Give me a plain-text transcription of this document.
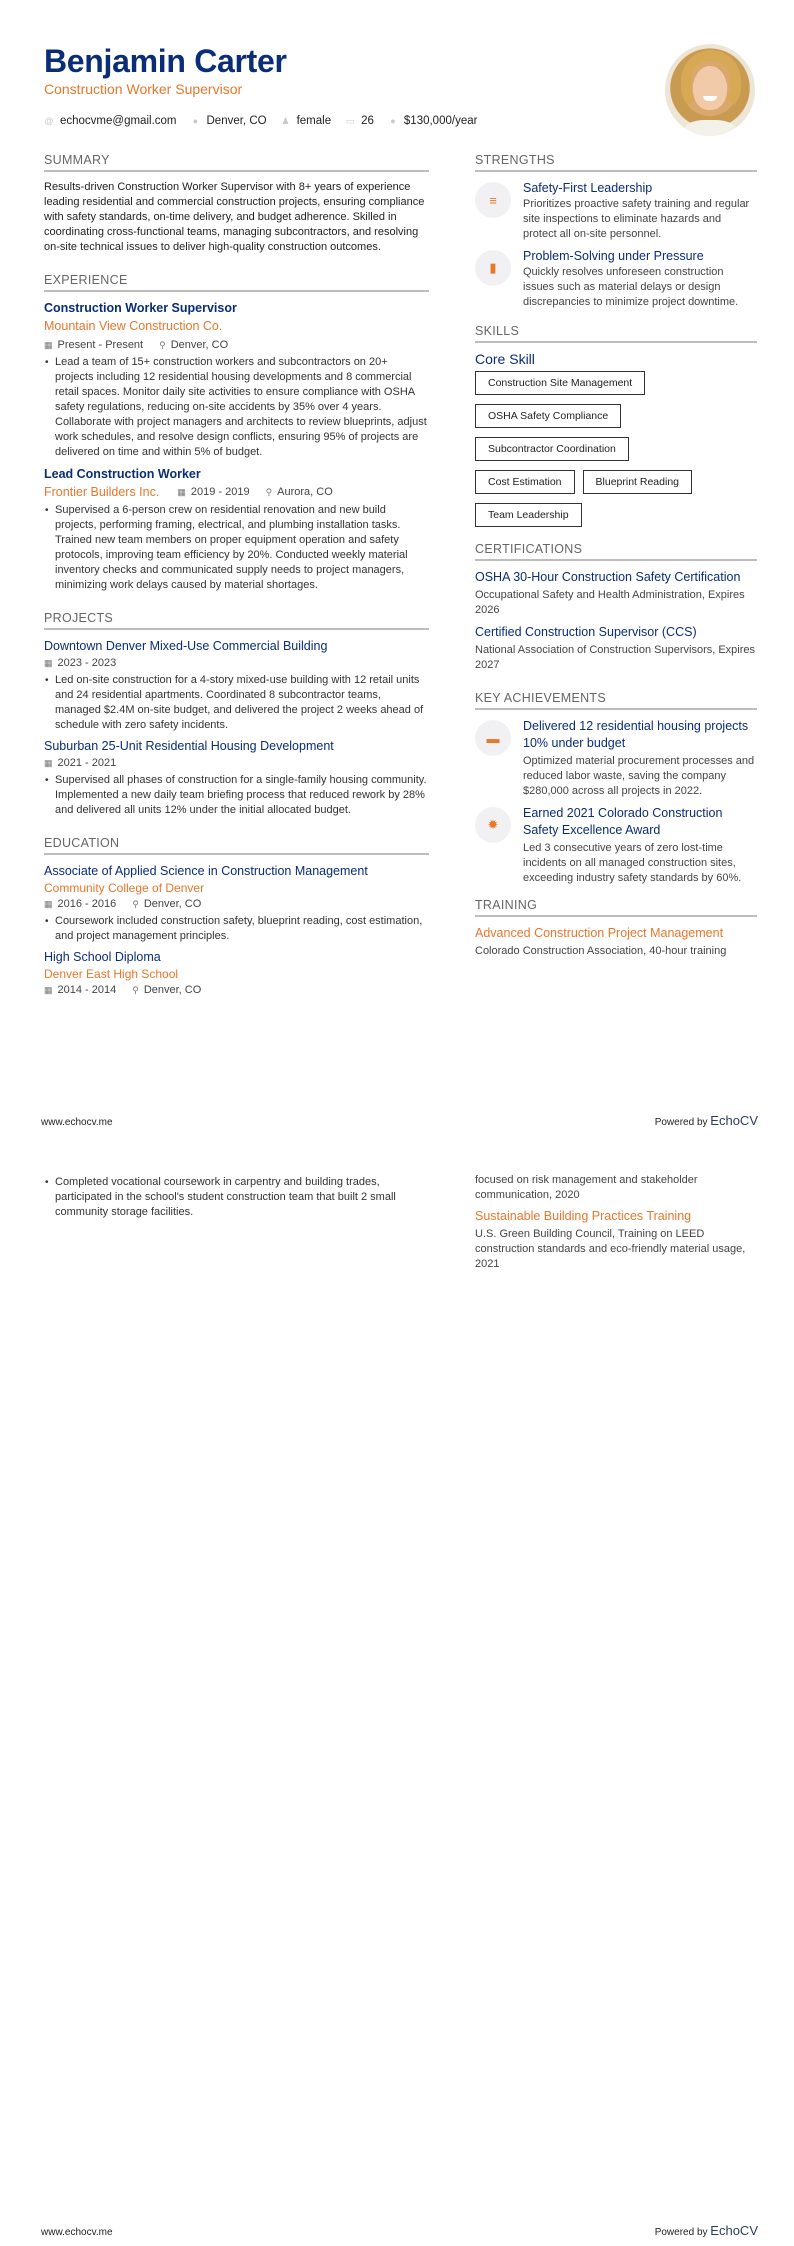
Benjamin Carter
Construction Worker Supervisor
@ echocvme@gmail.com ● Denver, CO ♟ female ▭ 26 ● $130,000/year
SUMMARY

Results-driven Construction Worker Supervisor with 8+ years of experience leading residential and commercial construction projects, ensuring compliance with safety standards, on-time delivery, and budget adherence. Skilled in coordinating cross-functional teams, managing subcontractors, and resolving on-site technical issues to deliver high-quality construction outcomes.

EXPERIENCE
Construction Worker Supervisor
Mountain View Construction Co.
▦ Present - Present ⚲ Denver, CO
• Lead a team of 15+ construction workers and subcontractors on 20+ projects including 12 residential housing developments and 8 commercial retail spaces. Monitor daily site activities to ensure compliance with OSHA safety regulations, reducing on-site accidents by 35% over 4 years. Collaborate with project managers and architects to review blueprints, adjust work schedules, and resolve design conflicts, ensuring 95% of projects are delivered on time and within 5% of budget.
Lead Construction Worker
Frontier Builders Inc. ▦ 2019 - 2019 ⚲ Aurora, CO
• Supervised a 6-person crew on residential renovation and new build projects, performing framing, electrical, and plumbing installation tasks. Trained new team members on proper equipment operation and safety protocols, improving team efficiency by 20%. Conducted weekly material inventory checks and communicated supply needs to project managers, minimizing work delays caused by material shortages.
PROJECTS
Downtown Denver Mixed-Use Commercial Building
▦ 2023 - 2023
• Led on-site construction for a 4-story mixed-use building with 12 retail units and 24 residential apartments. Coordinated 8 subcontractor teams, managed $2.4M on-site budget, and delivered the project 2 weeks ahead of schedule with zero safety incidents.
Suburban 25-Unit Residential Housing Development
▦ 2021 - 2021
• Supervised all phases of construction for a single-family housing community. Implemented a new daily team briefing process that reduced rework by 28% and delivered all units 12% under the initial allocated budget.
EDUCATION
Associate of Applied Science in Construction Management
Community College of Denver
▦ 2016 - 2016 ⚲ Denver, CO
• Coursework included construction safety, blueprint reading, cost estimation, and project management principles.
High School Diploma
Denver East High School
▦ 2014 - 2014 ⚲ Denver, CO
STRENGTHS
≡
Safety-First Leadership
Prioritizes proactive safety training and regular site inspections to eliminate hazards and protect all on-site personnel.
▮
Problem-Solving under Pressure
Quickly resolves unforeseen construction issues such as material delays or design discrepancies to minimize project downtime.
SKILLS
Core Skill
Construction Site Management
OSHA Safety Compliance
Subcontractor Coordination
Cost Estimation	Blueprint Reading
Team Leadership
CERTIFICATIONS
OSHA 30-Hour Construction Safety Certification
Occupational Safety and Health Administration, Expires 2026
Certified Construction Supervisor (CCS)
National Association of Construction Supervisors, Expires 2027
KEY ACHIEVEMENTS
▬
Delivered 12 residential housing projects 10% under budget
Optimized material procurement processes and reduced labor waste, saving the company $280,000 across all projects in 2022.
✹
Earned 2021 Colorado Construction Safety Excellence Award
Led 3 consecutive years of zero lost-time incidents on all managed construction sites, exceeding industry safety standards by 60%.
TRAINING
Advanced Construction Project Management
Colorado Construction Association, 40-hour training
www.echocv.me	Powered by EchoCV
• Completed vocational coursework in carpentry and building trades, participated in the school's student construction team that built 2 small community storage facilities.
focused on risk management and stakeholder communication, 2020
Sustainable Building Practices Training
U.S. Green Building Council, Training on LEED construction standards and eco-friendly material usage, 2021
www.echocv.me	Powered by EchoCV
